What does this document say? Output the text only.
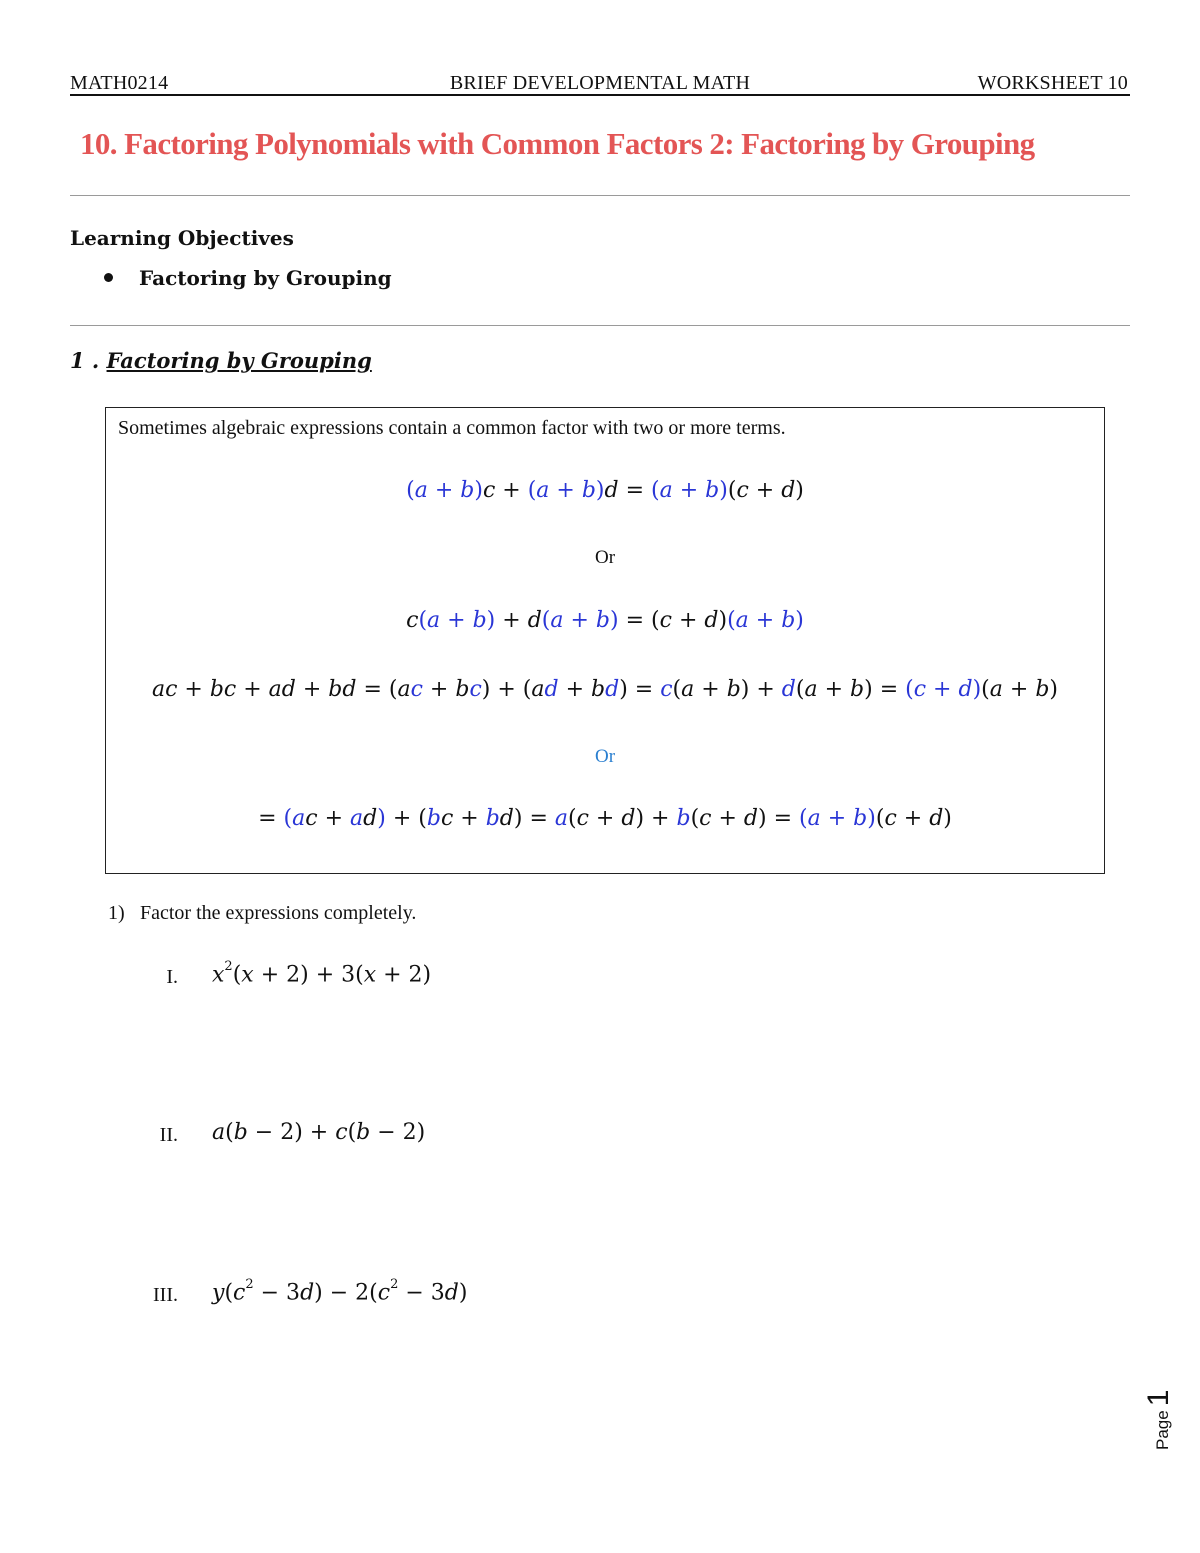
MATH0214	BRIEF DEVELOPMENTAL MATH	WORKSHEET 10
10. Factoring Polynomials with Common Factors 2: Factoring by Grouping
Learning Objectives
Factoring by Grouping
1 . Factoring by Grouping
Sometimes algebraic expressions contain a common factor with two or more terms.
(a + b)c + (a + b)d = (a + b)(c + d)
Or
c(a + b) + d(a + b) = (c + d)(a + b)
ac + bc + ad + bd = (ac + bc) + (ad + bd) = c(a + b) + d(a + b) = (c + d)(a + b)
Or
= (ac + ad) + (bc + bd) = a(c + d) + b(c + d) = (a + b)(c + d)
1) Factor the expressions completely.
I. $x^2(x + 2) + 3(x + 2)$
II. a(b − 2) + c(b − 2)
III. $y(c^2 - 3d) - 2(c^2 - 3d)$
Page
1
